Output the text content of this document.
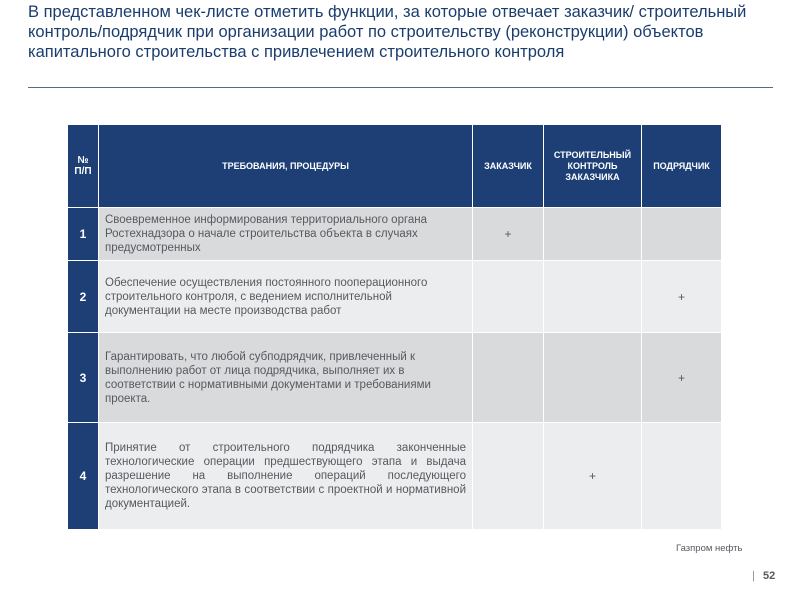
В представленном чек-листе отметить функции, за которые отвечает заказчик/ строительный контроль/подрядчик при организации работ по строительству (реконструкции) объектов капитального строительства с привлечением строительного контроля
№ П/П	ТРЕБОВАНИЯ, ПРОЦЕДУРЫ	ЗАКАЗЧИК	СТРОИТЕЛЬНЫЙ КОНТРОЛЬ ЗАКАЗЧИКА	ПОДРЯДЧИК
1	Своевременное информирования территориального органа Ростехнадзора о начале строительства объекта в случаях предусмотренных	+		
2	Обеспечение осуществления постоянного пооперационного строительного контроля, с ведением исполнительной документации на месте производства работ			+
3	Гарантировать, что любой субподрядчик, привлеченный к выполнению работ от лица подрядчика, выполняет их в соответствии с нормативными документами и требованиями проекта.			+
4	Принятие от строительного подрядчика законченные технологические операции предшествующего этапа и выдача разрешение на выполнение операций последующего технологического этапа в соответствии с проектной и нормативной документацией.		+	
Газпром нефть
| 52
